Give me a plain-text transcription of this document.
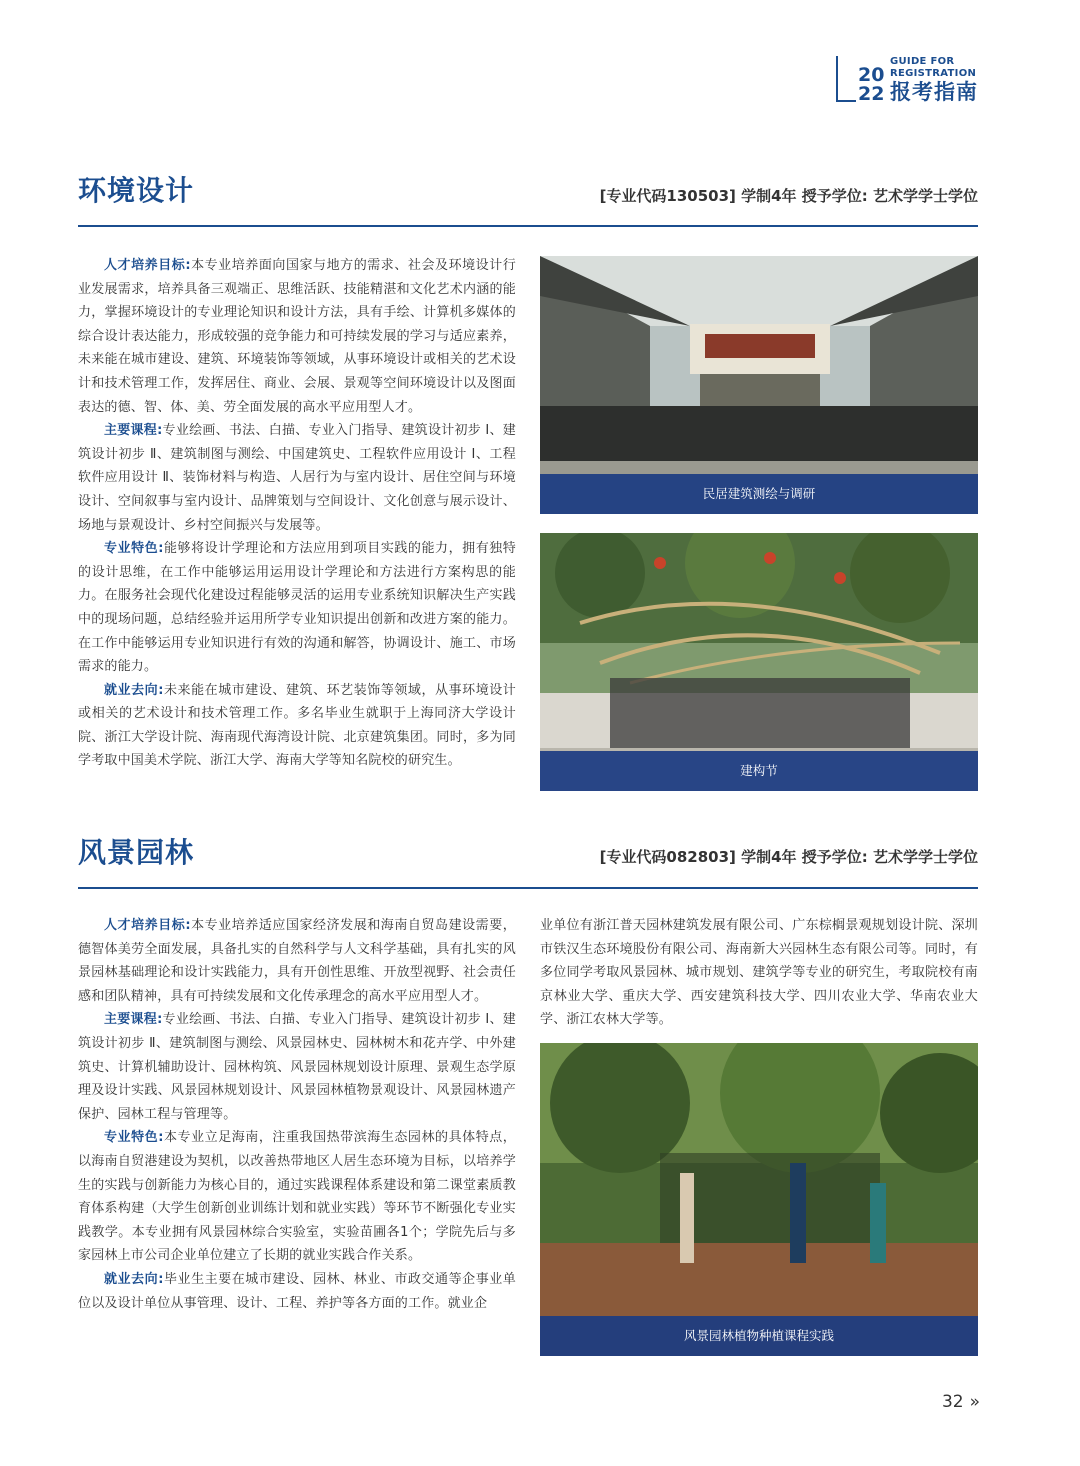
20
22
GUIDE FOR
REGISTRATION
报考指南
环境设计	[专业代码130503] 学制4年 授予学位: 艺术学学士学位

人才培养目标:本专业培养面向国家与地方的需求、社会及环境设计行业发展需求，培养具备三观端正、思维活跃、技能精湛和文化艺术内涵的能力，掌握环境设计的专业理论知识和设计方法，具有手绘、计算机多媒体的综合设计表达能力，形成较强的竞争能力和可持续发展的学习与适应素养，未来能在城市建设、建筑、环境装饰等领域，从事环境设计或相关的艺术设计和技术管理工作，发挥居住、商业、会展、景观等空间环境设计以及图面表达的德、智、体、美、劳全面发展的高水平应用型人才。

主要课程:专业绘画、书法、白描、专业入门指导、建筑设计初步 Ⅰ、建筑设计初步 Ⅱ、建筑制图与测绘、中国建筑史、工程软件应用设计 Ⅰ、工程软件应用设计 Ⅱ、装饰材料与构造、人居行为与室内设计、居住空间与环境设计、空间叙事与室内设计、品牌策划与空间设计、文化创意与展示设计、场地与景观设计、乡村空间振兴与发展等。

专业特色:能够将设计学理论和方法应用到项目实践的能力，拥有独特的设计思维，在工作中能够运用运用设计学理论和方法进行方案构思的能力。在服务社会现代化建设过程能够灵活的运用专业系统知识解决生产实践中的现场问题，总结经验并运用所学专业知识提出创新和改进方案的能力。在工作中能够运用专业知识进行有效的沟通和解答，协调设计、施工、市场需求的能力。

就业去向:未来能在城市建设、建筑、环艺装饰等领域，从事环境设计或相关的艺术设计和技术管理工作。多名毕业生就职于上海同济大学设计院、浙江大学设计院、海南现代海湾设计院、北京建筑集团。同时，多为同学考取中国美术学院、浙江大学、海南大学等知名院校的研究生。

民居建筑测绘与调研
建构节
风景园林	[专业代码082803] 学制4年 授予学位: 艺术学学士学位

人才培养目标:本专业培养适应国家经济发展和海南自贸岛建设需要，德智体美劳全面发展，具备扎实的自然科学与人文科学基础，具有扎实的风景园林基础理论和设计实践能力，具有开创性思维、开放型视野、社会责任感和团队精神，具有可持续发展和文化传承理念的高水平应用型人才。

主要课程:专业绘画、书法、白描、专业入门指导、建筑设计初步 Ⅰ、建筑设计初步 Ⅱ、建筑制图与测绘、风景园林史、园林树木和花卉学、中外建筑史、计算机辅助设计、园林构筑、风景园林规划设计原理、景观生态学原理及设计实践、风景园林规划设计、风景园林植物景观设计、风景园林遗产保护、园林工程与管理等。

专业特色:本专业立足海南，注重我国热带滨海生态园林的具体特点，以海南自贸港建设为契机，以改善热带地区人居生态环境为目标，以培养学生的实践与创新能力为核心目的，通过实践课程体系建设和第二课堂素质教育体系构建（大学生创新创业训练计划和就业实践）等环节不断强化专业实践教学。本专业拥有风景园林综合实验室，实验苗圃各1个；学院先后与多家园林上市公司企业单位建立了长期的就业实践合作关系。

就业去向:毕业生主要在城市建设、园林、林业、市政交通等企事业单位以及设计单位从事管理、设计、工程、养护等各方面的工作。就业企

业单位有浙江普天园林建筑发展有限公司、广东棕榈景观规划设计院、深圳市铁汉生态环境股份有限公司、海南新大兴园林生态有限公司等。同时，有多位同学考取风景园林、城市规划、建筑学等专业的研究生，考取院校有南京林业大学、重庆大学、西安建筑科技大学、四川农业大学、华南农业大学、浙江农林大学等。

风景园林植物种植课程实践
32 »
